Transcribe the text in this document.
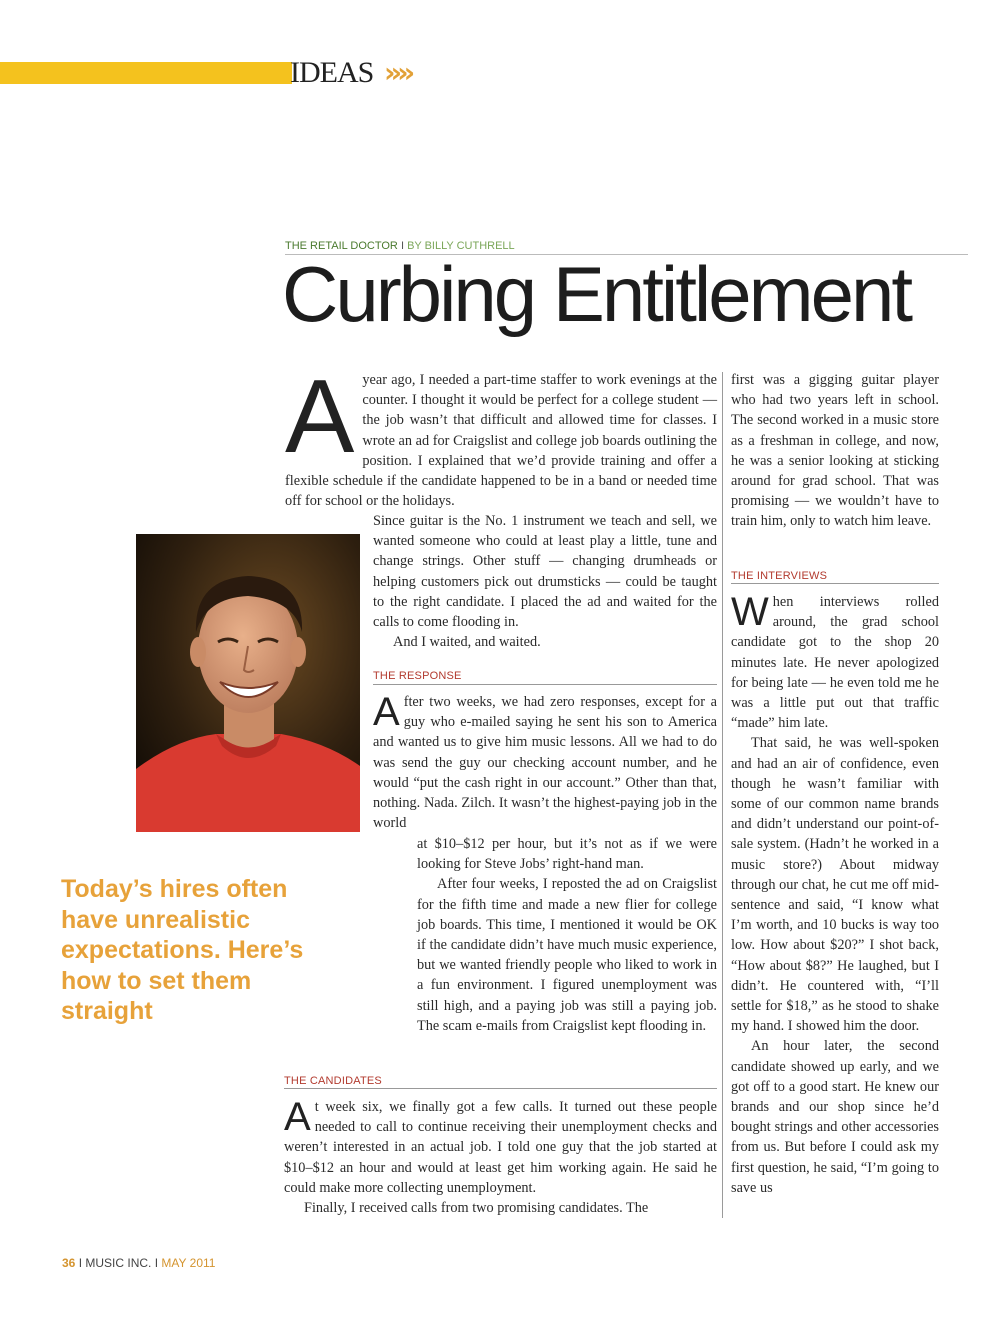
IDEAS »»
THE RETAIL DOCTOR I BY BILLY CUTHRELL
Curbing Entitlement
A year ago, I needed a part-time staffer to work evenings at the counter. I thought it would be perfect for a college student — the job wasn’t that difficult and allowed time for classes. I wrote an ad for Craigslist and college job boards outlining the position. I explained that we’d provide training and offer a flexible schedule if the candidate happened to be in a band or needed time off for school or the holidays.

Since guitar is the No. 1 instrument we teach and sell, we wanted someone who could at least play a little, tune and change strings. Other stuff — changing drumheads or helping customers pick out drumsticks — could be taught to the right candidate. I placed the ad and waited for the calls to come flooding in.

And I waited, and waited.

THE RESPONSE
A fter two weeks, we had zero responses, except for a guy who e-mailed saying he sent his son to America and wanted us to give him music lessons. All we had to do was send the guy our checking account number, and he would “put the cash right in our account.” Other than that, nothing. Nada. Zilch. It wasn’t the highest-paying job in the world

at $10–$12 per hour, but it’s not as if we were looking for Steve Jobs’ right-hand man.

After four weeks, I reposted the ad on Craigslist for the fifth time and made a new flier for college job boards. This time, I mentioned it would be OK if the candidate didn’t have much music experience, but we wanted friendly people who liked to work in a fun environment. I figured unemployment was still high, and a paying job was still a paying job. The scam e-mails from Craigslist kept flooding in.

THE CANDIDATES
A t week six, we finally got a few calls. It turned out these people needed to call to continue receiving their unemployment checks and weren’t interested in an actual job. I told one guy that the job started at $10–$12 an hour and would at least get him working again. He said he could make more collecting unemployment.

Finally, I received calls from two promising candidates. The

first was a gigging guitar player who had two years left in school. The second worked in a music store as a freshman in college, and now, he was a senior looking at sticking around for grad school. That was promising — we wouldn’t have to train him, only to watch him leave.

THE INTERVIEWS
W hen interviews rolled around, the grad school candidate got to the shop 20 minutes late. He never apologized for being late — he even told me he was a little put out that traffic “made” him late.

That said, he was well-spoken and had an air of confidence, even though he wasn’t familiar with some of our common name brands and didn’t understand our point-of-sale system. (Hadn’t he worked in a music store?) About midway through our chat, he cut me off mid-sentence and said, “I know what I’m worth, and 10 bucks is way too low. How about $20?” I shot back, “How about $8?” He laughed, but I didn’t. He countered with, “I’ll settle for $18,” as he stood to shake my hand. I showed him the door.

An hour later, the second candidate showed up early, and we got off to a good start. He knew our brands and our shop since he’d bought strings and other accessories from us. But before I could ask my first question, he said, “I’m going to save us

Today’s hires often have unrealistic expectations. Here’s how to set them straight
36 I MUSIC INC. I MAY 2011
